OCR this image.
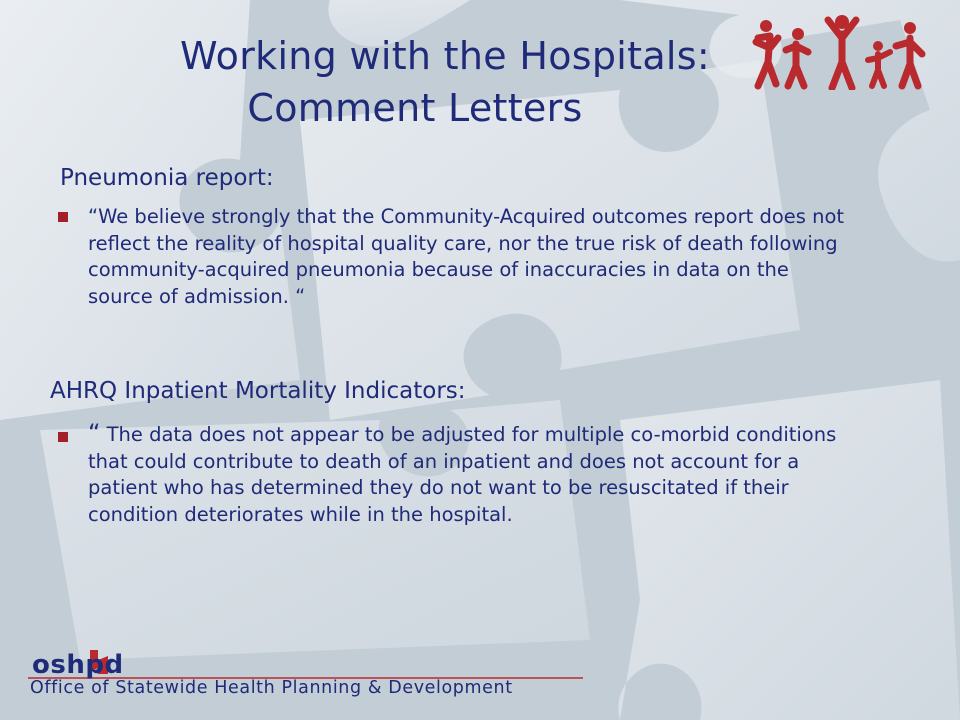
Working with the Hospitals:
Comment Letters
Pneumonia report:
“We believe strongly that the Community-Acquired outcomes report does not reflect the reality of hospital quality care, nor the true risk of death following community-acquired pneumonia because of inaccuracies in data on the source of admission. “
AHRQ Inpatient Mortality Indicators:
“ The data does not appear to be adjusted for multiple co-morbid conditions that could contribute to death of an inpatient and does not account for a patient who has determined they do not want to be resuscitated if their condition deteriorates while in the hospital.
oshpd
Office of Statewide Health Planning & Development
